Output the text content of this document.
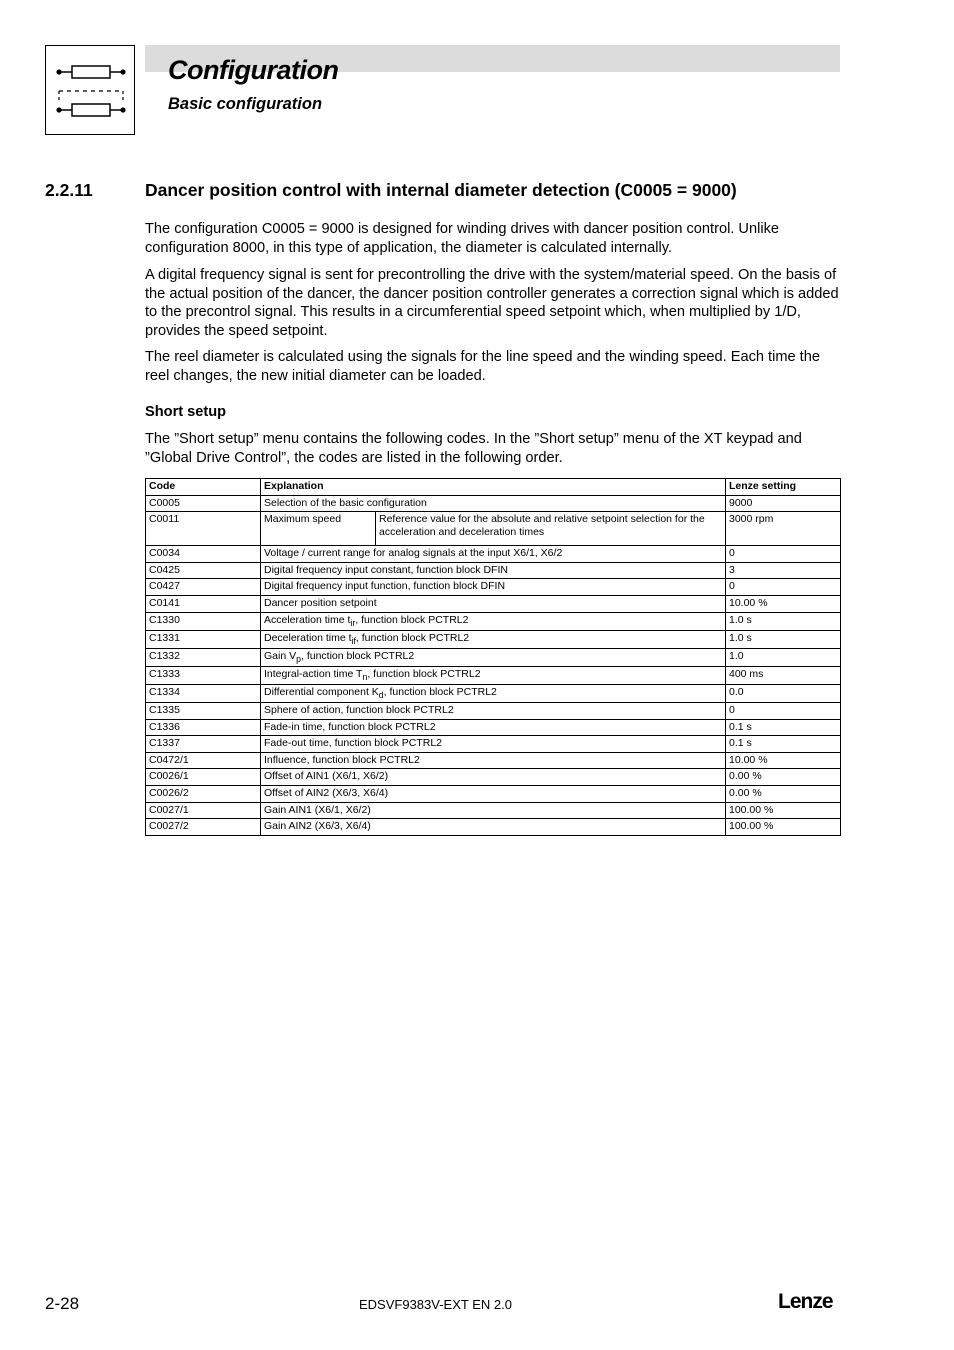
Configuration
Basic configuration
2.2.11	Dancer position control with internal diameter detection (C0005 = 9000)

The configuration C0005 = 9000 is designed for winding drives with dancer position control. Unlike configuration 8000, in this type of application, the diameter is calculated internally.

A digital frequency signal is sent for precontrolling the drive with the system/material speed. On the basis of the actual position of the dancer, the dancer position controller generates a correction signal which is added to the precontrol signal. This results in a circumferential speed setpoint which, when multiplied by 1/D, provides the speed setpoint.

The reel diameter is calculated using the signals for the line speed and the winding speed. Each time the reel changes, the new initial diameter can be loaded.

Short setup

The ”Short setup” menu contains the following codes. In the ”Short setup” menu of the XT keypad and ”Global Drive Control”, the codes are listed in the following order.

Code	Explanation		Lenze setting
C0005	Selection of the basic configuration		9000
C0011	Maximum speed	Reference value for the absolute and relative setpoint selection for the acceleration and deceleration times	3000 rpm
C0034	Voltage / current range for analog signals at the input X6/1, X6/2		0
C0425	Digital frequency input constant, function block DFIN		3
C0427	Digital frequency input function, function block DFIN		0
C0141	Dancer position setpoint		10.00 %
C1330	Acceleration time $t_{ir}$, function block PCTRL2		1.0 s
C1331	Deceleration time $t_{if}$, function block PCTRL2		1.0 s
C1332	Gain $V_p$, function block PCTRL2		1.0
C1333	Integral-action time $T_n$, function block PCTRL2		400 ms
C1334	Differential component $K_d$, function block PCTRL2		0.0
C1335	Sphere of action, function block PCTRL2		0
C1336	Fade-in time, function block PCTRL2		0.1 s
C1337	Fade-out time, function block PCTRL2		0.1 s
C0472/1	Influence, function block PCTRL2		10.00 %
C0026/1	Offset of AIN1 (X6/1, X6/2)		0.00 %
C0026/2	Offset of AIN2 (X6/3, X6/4)		0.00 %
C0027/1	Gain AIN1 (X6/1, X6/2)		100.00 %
C0027/2	Gain AIN2 (X6/3, X6/4)		100.00 %
2-28	EDSVF9383V-EXT EN 2.0	Lenze
